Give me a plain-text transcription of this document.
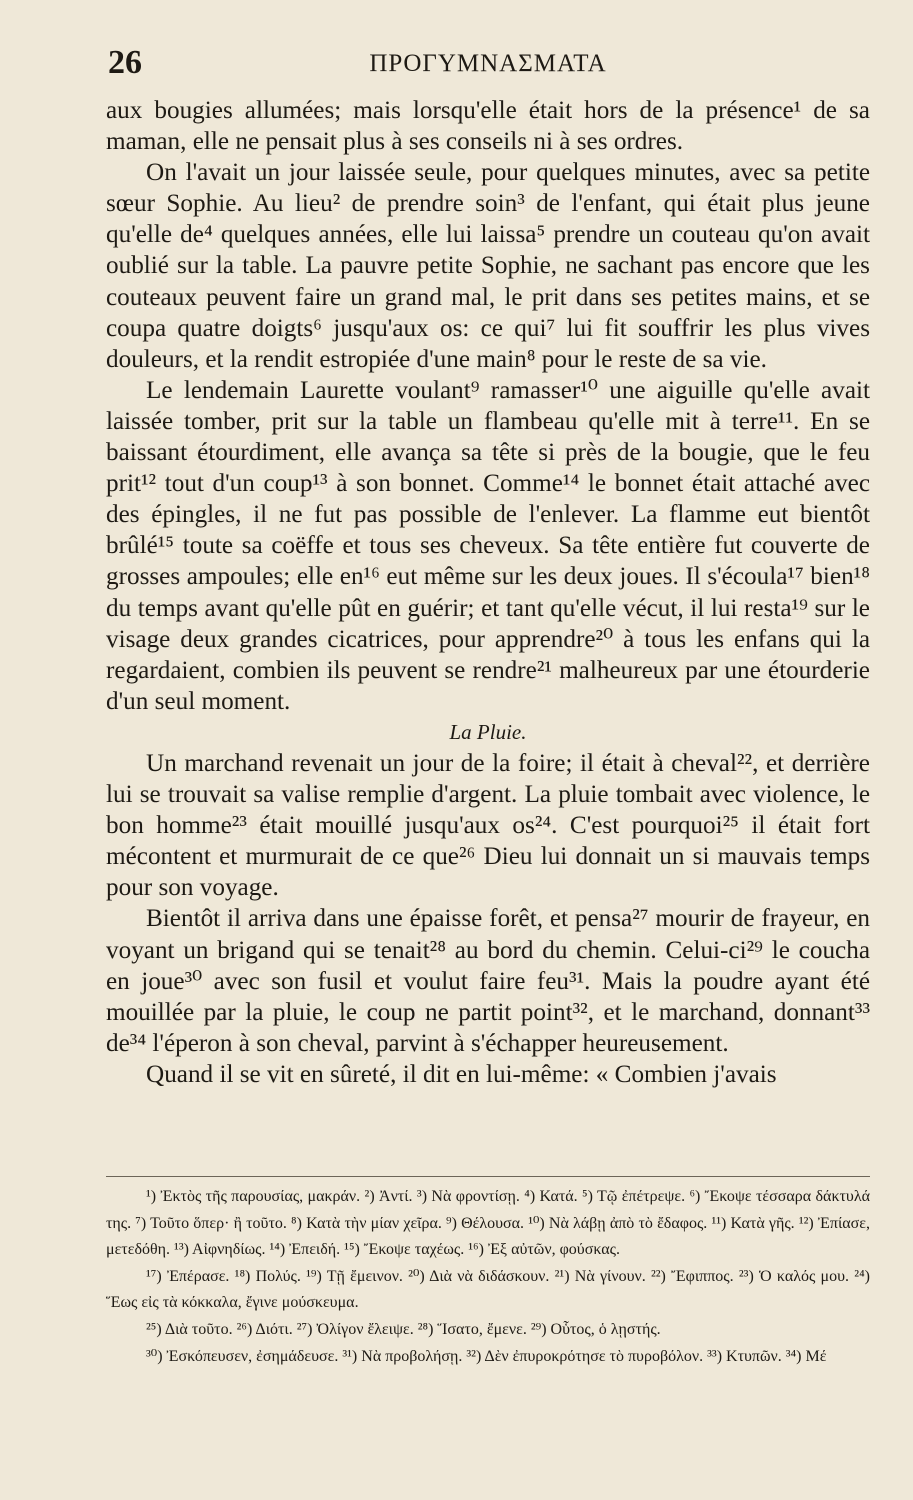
26	ΠΡΟΓΥΜΝΑΣΜΑΤΑ

aux bougies allumées; mais lorsqu'elle était hors de la présence¹ de sa maman, elle ne pensait plus à ses conseils ni à ses ordres.

On l'avait un jour laissée seule, pour quelques minutes, avec sa petite sœur Sophie. Au lieu² de prendre soin³ de l'enfant, qui était plus jeune qu'elle de⁴ quelques années, elle lui laissa⁵ prendre un couteau qu'on avait oublié sur la table. La pauvre petite Sophie, ne sachant pas encore que les couteaux peuvent faire un grand mal, le prit dans ses petites mains, et se coupa quatre doigts⁶ jusqu'aux os: ce qui⁷ lui fit souffrir les plus vives douleurs, et la rendit estropiée d'une main⁸ pour le reste de sa vie.

Le lendemain Laurette voulant⁹ ramasser¹⁰ une aiguille qu'elle avait laissée tomber, prit sur la table un flambeau qu'elle mit à terre¹¹. En se baissant étourdiment, elle avança sa tête si près de la bougie, que le feu prit¹² tout d'un coup¹³ à son bonnet. Comme¹⁴ le bonnet était attaché avec des épingles, il ne fut pas possible de l'enlever. La flamme eut bientôt brûlé¹⁵ toute sa coëffe et tous ses cheveux. Sa tête entière fut couverte de grosses ampoules; elle en¹⁶ eut même sur les deux joues. Il s'écoula¹⁷ bien¹⁸ du temps avant qu'elle pût en guérir; et tant qu'elle vécut, il lui resta¹⁹ sur le visage deux grandes cicatrices, pour apprendre²⁰ à tous les enfans qui la regardaient, combien ils peuvent se rendre²¹ malheureux par une étourderie d'un seul moment.

La Pluie.

Un marchand revenait un jour de la foire; il était à cheval²², et derrière lui se trouvait sa valise remplie d'argent. La pluie tombait avec violence, le bon homme²³ était mouillé jusqu'aux os²⁴. C'est pourquoi²⁵ il était fort mécontent et murmurait de ce que²⁶ Dieu lui donnait un si mauvais temps pour son voyage.

Bientôt il arriva dans une épaisse forêt, et pensa²⁷ mourir de frayeur, en voyant un brigand qui se tenait²⁸ au bord du chemin. Celui-ci²⁹ le coucha en joue³⁰ avec son fusil et voulut faire feu³¹. Mais la poudre ayant été mouillée par la pluie, le coup ne partit point³², et le marchand, donnant³³ de³⁴ l'éperon à son cheval, parvint à s'échapper heureusement.

Quand il se vit en sûreté, il dit en lui-même: « Combien j'avais

¹) Ἐκτὸς τῆς παρουσίας, μακράν. ²) Ἀντί. ³) Νὰ φροντίσῃ. ⁴) Κατά. ⁵) Τῷ ἐπέτρεψε. ⁶) Ἔκοψε τέσσαρα δάκτυλά της. ⁷) Τοῦτο ὅπερ· ἢ τοῦτο. ⁸) Κατὰ τὴν μίαν χεῖρα. ⁹) Θέλουσα. ¹⁰) Νὰ λάβῃ ἀπὸ τὸ ἔδαφος. ¹¹) Κατὰ γῆς. ¹²) Ἐπίασε, μετεδόθη. ¹³) Αἰφνηδίως. ¹⁴) Ἐπειδή. ¹⁵) Ἔκοψε ταχέως. ¹⁶) Ἐξ αὐτῶν, φούσκας.

¹⁷) Ἐπέρασε. ¹⁸) Πολύς. ¹⁹) Τῇ ἔμεινον. ²⁰) Διὰ νὰ διδάσκουν. ²¹) Νὰ γίνουν. ²²) Ἔφιππος. ²³) Ὁ καλός μου. ²⁴) Ἕως εἰς τὰ κόκκαλα, ἔγινε μούσκευμα.

²⁵) Διὰ τοῦτο. ²⁶) Διότι. ²⁷) Ὀλίγον ἔλειψε. ²⁸) Ἵσατο, ἔμενε. ²⁹) Οὗτος, ὁ λῃστής.

³⁰) Ἐσκόπευσεν, ἐσημάδευσε. ³¹) Νὰ προβολήσῃ. ³²) Δὲν ἐπυροκρότησε τὸ πυροβόλον. ³³) Κτυπῶν. ³⁴) Μέ
